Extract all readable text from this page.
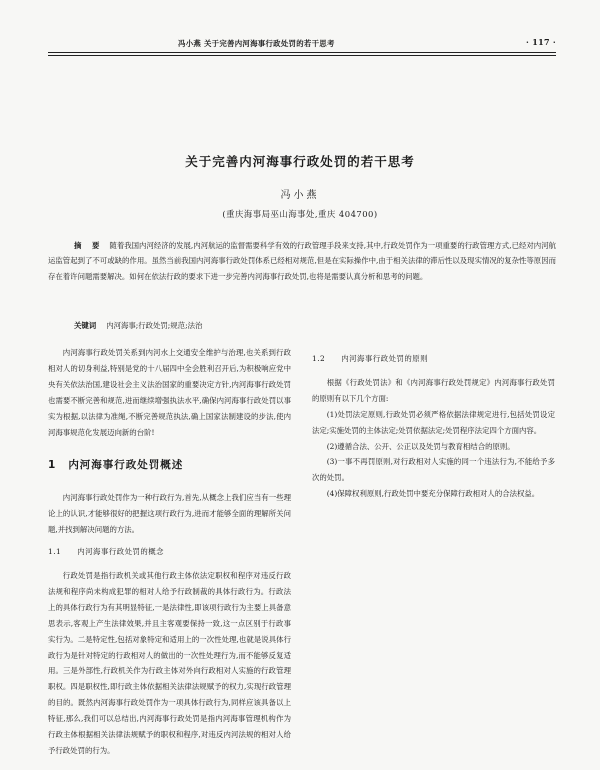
冯小燕 关于完善内河海事行政处罚的若干思考	· 117 ·
关于完善内河海事行政处罚的若干思考
冯小燕
(重庆海事局巫山海事处,重庆 404700)
摘 要 随着我国内河经济的发展,内河航运的监督需要科学有效的行政管理手段来支持,其中,行政处罚作为一项重要的行政管理方式,已经对内河航运监管起到了不可或缺的作用。虽然当前我国内河海事行政处罚体系已经相对规范,但是在实际操作中,由于相关法律的滞后性以及现实情况的复杂性等原因而存在着许问题需要解决。如何在依法行政的要求下进一步完善内河海事行政处罚,也将是需要认真分析和思考的问题。
关键词 内河海事;行政处罚;规范;法治

内河海事行政处罚关系到内河水上交通安全维护与治理,也关系到行政相对人的切身利益,特别是党的十八届四中全会胜利召开后,为积极响应党中央有关依法治国,建设社会主义法治国家的重要决定方针,内河海事行政处罚也需要不断完善和规范,进而继续增强执法水平,确保内河海事行政处罚以事实为根据,以法律为准绳,不断完善规范执法,确上国家法制建设的步法,使内河海事规范化发展迈向新的台阶!

1 内河海事行政处罚概述

内河海事行政处罚作为一种行政行为,首先,从概念上我们应当有一些理论上的认识,才能够很好的把握这项行政行为,进而才能够全面的理解所关问题,并找到解决问题的方法。

1.1 内河海事行政处罚的概念

行政处罚是指行政机关或其他行政主体依法定职权和程序对违反行政法规和程序尚未构成犯罪的相对人给予行政制裁的具体行政行为。行政法上的具体行政行为有其明显特征,一是法律性,即该项行政行为主要上具备意思表示,客观上产生法律效果,并且主客观要保持一致,这一点区别于行政事实行为。二是特定性,包括对象特定和适用上的一次性处理,也就是说具体行政行为是针对特定的行政相对人的做出的一次性处理行为,而不能够反复适用。三是外部性,行政机关作为行政主体对外向行政相对人实施的行政管理职权。四是职权性,即行政主体依据相关法律法规赋予的权力,实现行政管理的目的。既然内河海事行政处罚作为一项具体行政行为,同样应该具备以上特征,那么,我们可以总结出,内河海事行政处罚是指内河海事管理机构作为行政主体根据相关法律法规赋予的职权和程序,对违反内河法规的相对人给予行政处罚的行为。

1.2 内河海事行政处罚的原则

根据《行政处罚法》和《内河海事行政处罚规定》内河海事行政处罚的原则有以下几个方面:

(1)处罚法定原则,行政处罚必须严格依据法律规定进行,包括处罚设定法定;实施处罚的主体法定;处罚依据法定;处罚程序法定四个方面内容。

(2)遵循合法、公开、公正以及处罚与教育相结合的原则。

(3)一事不再罚原则,对行政相对人实施的同一个违法行为,不能给予多次的处罚。

(4)保障权利原则,行政处罚中要充分保障行政相对人的合法权益。
